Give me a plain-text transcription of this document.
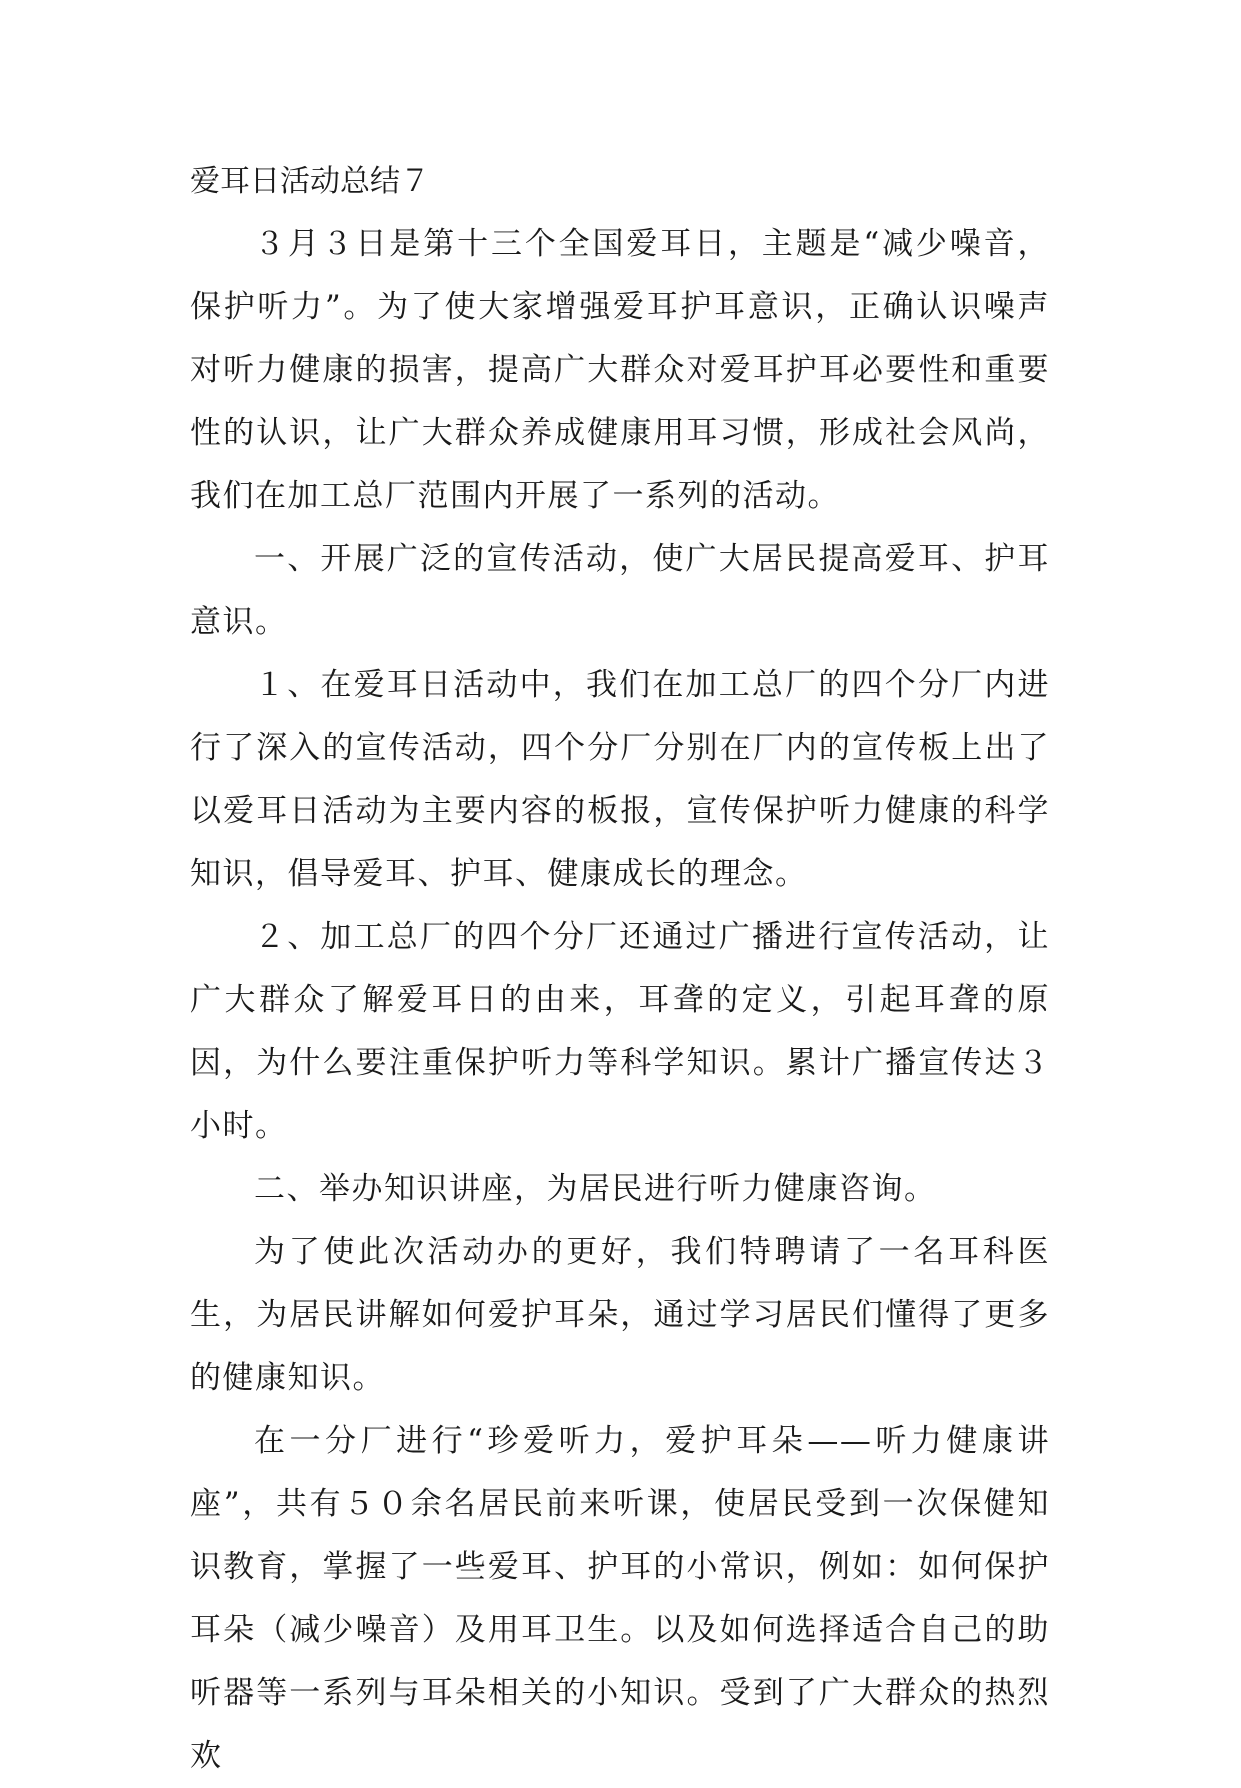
爱耳日活动总结７

３月３日是第十三个全国爱耳日，主题是“减少噪音，保护听力”。为了使大家增强爱耳护耳意识，正确认识噪声对听力健康的损害，提高广大群众对爱耳护耳必要性和重要性的认识，让广大群众养成健康用耳习惯，形成社会风尚，我们在加工总厂范围内开展了一系列的活动。

一、开展广泛的宣传活动，使广大居民提高爱耳、护耳意识。

１、在爱耳日活动中，我们在加工总厂的四个分厂内进行了深入的宣传活动，四个分厂分别在厂内的宣传板上出了以爱耳日活动为主要内容的板报，宣传保护听力健康的科学知识，倡导爱耳、护耳、健康成长的理念。

２、加工总厂的四个分厂还通过广播进行宣传活动，让广大群众了解爱耳日的由来，耳聋的定义，引起耳聋的原因，为什么要注重保护听力等科学知识。累计广播宣传达３小时。

二、举办知识讲座，为居民进行听力健康咨询。

为了使此次活动办的更好，我们特聘请了一名耳科医生，为居民讲解如何爱护耳朵，通过学习居民们懂得了更多的健康知识。

在一分厂进行“珍爱听力，爱护耳朵——听力健康讲座”，共有５０余名居民前来听课，使居民受到一次保健知识教育，掌握了一些爱耳、护耳的小常识，例如：如何保护耳朵（减少噪音）及用耳卫生。以及如何选择适合自己的助听器等一系列与耳朵相关的小知识。受到了广大群众的热烈欢
